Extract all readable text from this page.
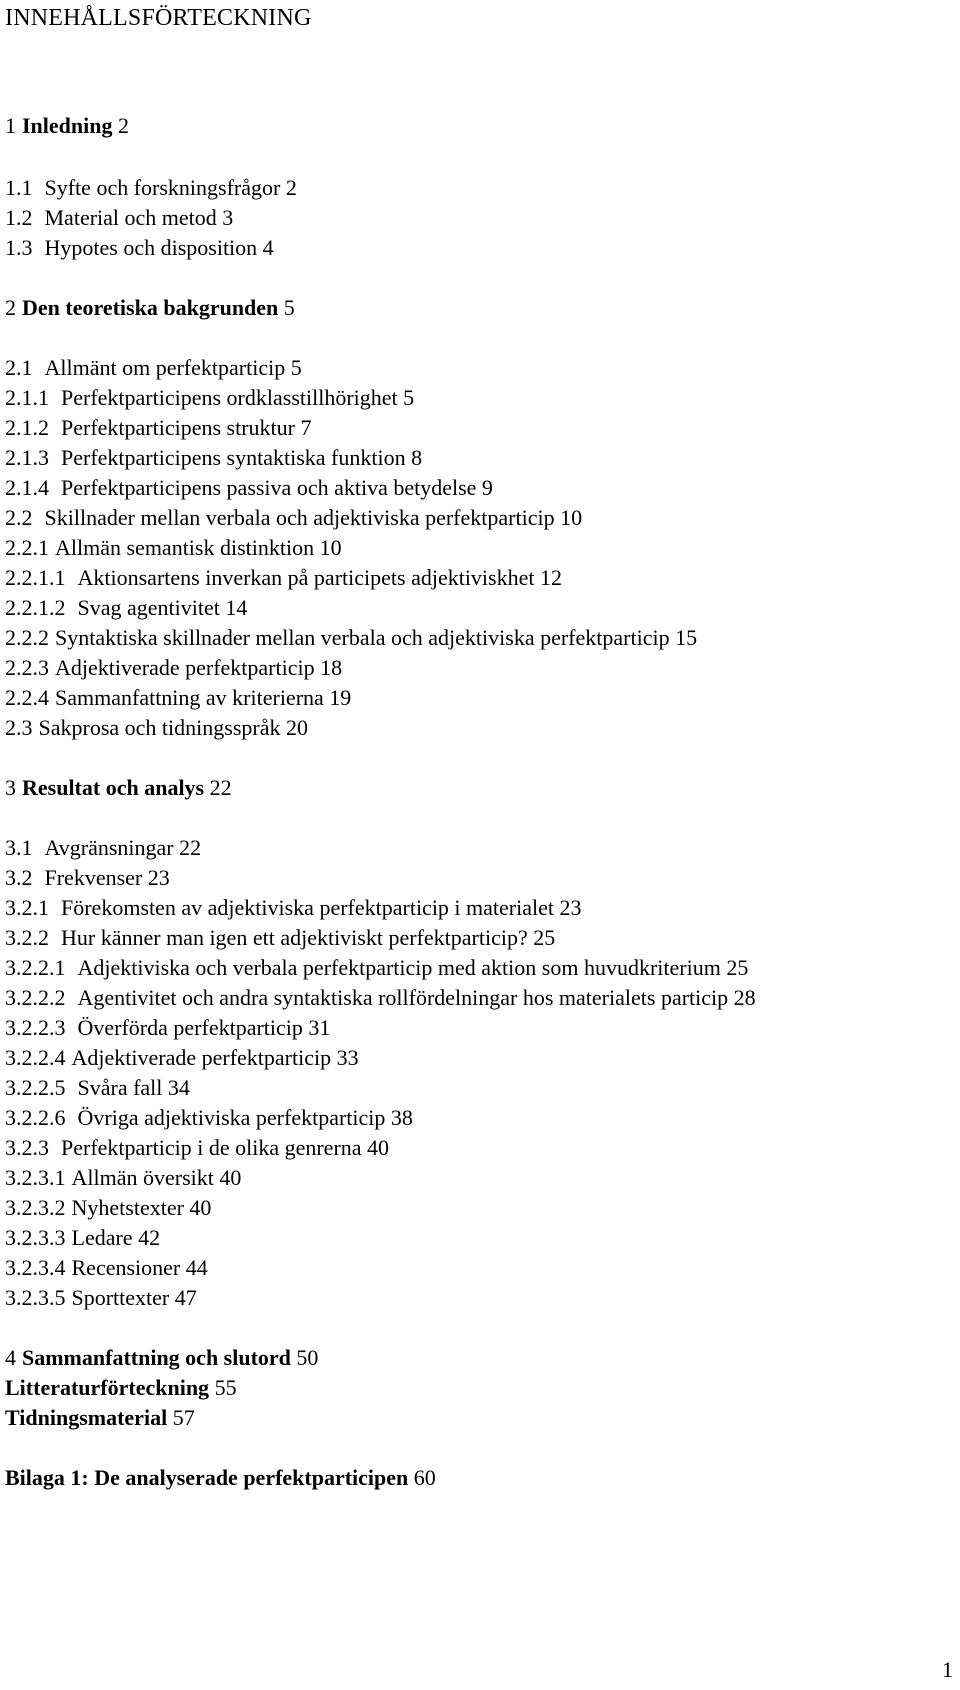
INNEHÅLLSFÖRTECKNING
1 Inledning 2
1.1 Syfte och forskningsfrågor 2
1.2 Material och metod 3
1.3 Hypotes och disposition 4
2 Den teoretiska bakgrunden 5
2.1 Allmänt om perfektparticip 5
2.1.1 Perfektparticipens ordklasstillhörighet 5
2.1.2 Perfektparticipens struktur 7
2.1.3 Perfektparticipens syntaktiska funktion 8
2.1.4 Perfektparticipens passiva och aktiva betydelse 9
2.2 Skillnader mellan verbala och adjektiviska perfektparticip 10
2.2.1 Allmän semantisk distinktion 10
2.2.1.1 Aktionsartens inverkan på participets adjektiviskhet 12
2.2.1.2 Svag agentivitet 14
2.2.2 Syntaktiska skillnader mellan verbala och adjektiviska perfektparticip 15
2.2.3 Adjektiverade perfektparticip 18
2.2.4 Sammanfattning av kriterierna 19
2.3 Sakprosa och tidningsspråk 20
3 Resultat och analys 22
3.1 Avgränsningar 22
3.2 Frekvenser 23
3.2.1 Förekomsten av adjektiviska perfektparticip i materialet 23
3.2.2 Hur känner man igen ett adjektiviskt perfektparticip? 25
3.2.2.1 Adjektiviska och verbala perfektparticip med aktion som huvudkriterium 25
3.2.2.2 Agentivitet och andra syntaktiska rollfördelningar hos materialets particip 28
3.2.2.3 Överförda perfektparticip 31
3.2.2.4 Adjektiverade perfektparticip 33
3.2.2.5 Svåra fall 34
3.2.2.6 Övriga adjektiviska perfektparticip 38
3.2.3 Perfektparticip i de olika genrerna 40
3.2.3.1 Allmän översikt 40
3.2.3.2 Nyhetstexter 40
3.2.3.3 Ledare 42
3.2.3.4 Recensioner 44
3.2.3.5 Sporttexter 47
4 Sammanfattning och slutord 50
Litteraturförteckning 55
Tidningsmaterial 57
Bilaga 1: De analyserade perfektparticipen 60
1
